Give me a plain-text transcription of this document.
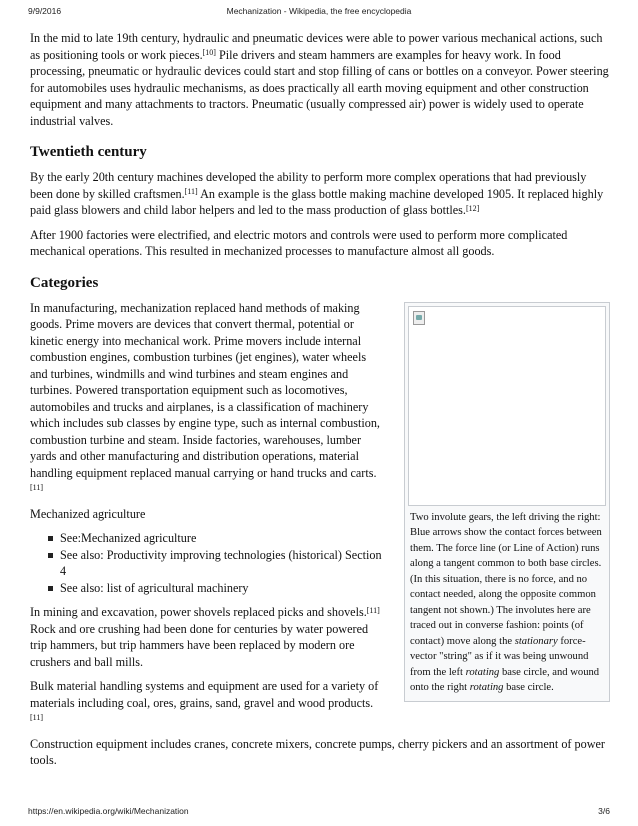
9/9/2016	Mechanization - Wikipedia, the free encyclopedia

In the mid to late 19th century, hydraulic and pneumatic devices were able to power various mechanical actions, such as positioning tools or work pieces.[10] Pile drivers and steam hammers are examples for heavy work. In food processing, pneumatic or hydraulic devices could start and stop filling of cans or bottles on a conveyor. Power steering for automobiles uses hydraulic mechanisms, as does practically all earth moving equipment and other construction equipment and many attachments to tractors. Pneumatic (usually compressed air) power is widely used to operate industrial valves.

Twentieth century

By the early 20th century machines developed the ability to perform more complex operations that had previously been done by skilled craftsmen.[11] An example is the glass bottle making machine developed 1905. It replaced highly paid glass blowers and child labor helpers and led to the mass production of glass bottles.[12]

After 1900 factories were electrified, and electric motors and controls were used to perform more complicated mechanical operations. This resulted in mechanized processes to manufacture almost all goods.

Categories

In manufacturing, mechanization replaced hand methods of making goods. Prime movers are devices that convert thermal, potential or kinetic energy into mechanical work. Prime movers include internal combustion engines, combustion turbines (jet engines), water wheels and turbines, windmills and wind turbines and steam engines and turbines. Powered transportation equipment such as locomotives, automobiles and trucks and airplanes, is a classification of machinery which includes sub classes by engine type, such as internal combustion, combustion turbine and steam. Inside factories, warehouses, lumber yards and other manufacturing and distribution operations, material handling equipment replaced manual carrying or hand trucks and carts.[11]

Mechanized agriculture

See:Mechanized agriculture
See also: Productivity improving technologies (historical) Section 4
See also: list of agricultural machinery

In mining and excavation, power shovels replaced picks and shovels.[11] Rock and ore crushing had been done for centuries by water powered trip hammers, but trip hammers have been replaced by modern ore crushers and ball mills.

Bulk material handling systems and equipment are used for a variety of materials including coal, ores, grains, sand, gravel and wood products.[11]

Two involute gears, the left driving the right: Blue arrows show the contact forces between them. The force line (or Line of Action) runs along a tangent common to both base circles. (In this situation, there is no force, and no contact needed, along the opposite common tangent not shown.) The involutes here are traced out in converse fashion: points (of contact) move along the stationary force-vector "string" as if it was being unwound from the left rotating base circle, and wound onto the right rotating base circle.

Construction equipment includes cranes, concrete mixers, concrete pumps, cherry pickers and an assortment of power tools.

https://en.wikipedia.org/wiki/Mechanization	3/6
